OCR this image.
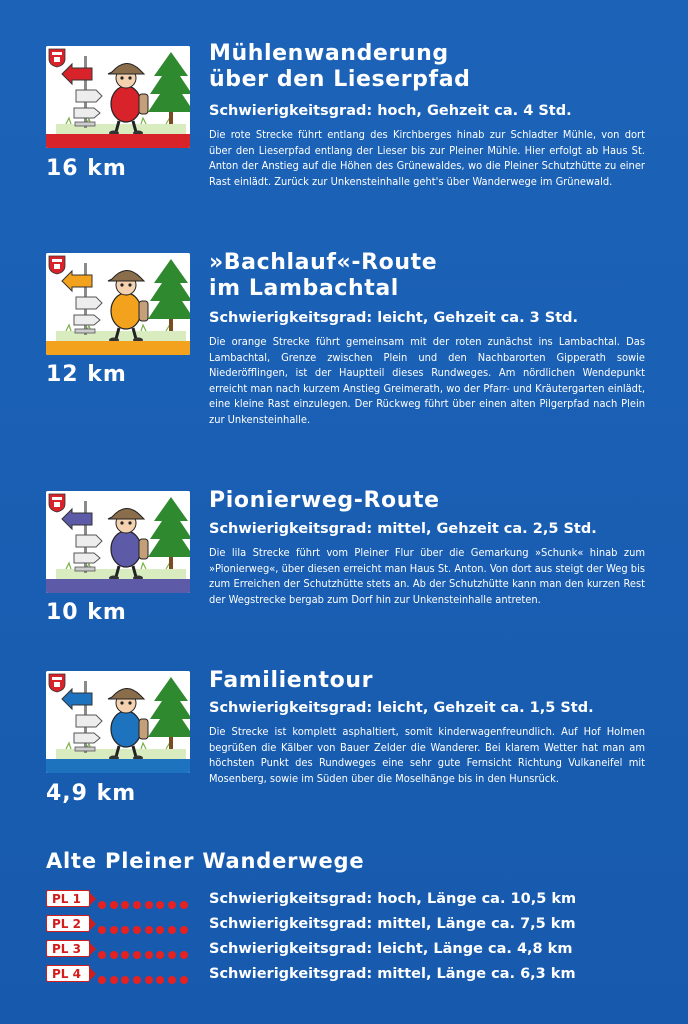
16 km
Mühlenwanderung
über den Lieserpfad
Schwierigkeitsgrad: hoch, Gehzeit ca. 4 Std.
Die rote Strecke führt entlang des Kirchberges hinab zur Schladter Mühle, von dort über den Lieserpfad entlang der Lieser bis zur Pleiner Mühle. Hier erfolgt ab Haus St. Anton der Anstieg auf die Höhen des Grünewaldes, wo die Pleiner Schutzhütte zu einer Rast einlädt. Zurück zur Unkensteinhalle geht's über Wanderwege im Grünewald.
12 km
»Bachlauf«-Route
im Lambachtal
Schwierigkeitsgrad: leicht, Gehzeit ca. 3 Std.
Die orange Strecke führt gemeinsam mit der roten zunächst ins Lambachtal. Das Lambachtal, Grenze zwischen Plein und den Nachbarorten Gipperath sowie Niederöfflingen, ist der Hauptteil dieses Rundweges. Am nördlichen Wendepunkt erreicht man nach kurzem Anstieg Greimerath, wo der Pfarr- und Kräutergarten einlädt, eine kleine Rast einzulegen. Der Rückweg führt über einen alten Pilgerpfad nach Plein zur Unkensteinhalle.
10 km
Pionierweg-Route
Schwierigkeitsgrad: mittel, Gehzeit ca. 2,5 Std.
Die lila Strecke führt vom Pleiner Flur über die Gemarkung »Schunk« hinab zum »Pionierweg«, über diesen erreicht man Haus St. Anton. Von dort aus steigt der Weg bis zum Erreichen der Schutzhütte stets an. Ab der Schutzhütte kann man den kurzen Rest der Wegstrecke bergab zum Dorf hin zur Unkensteinhalle antreten.
4,9 km
Familientour
Schwierigkeitsgrad: leicht, Gehzeit ca. 1,5 Std.
Die Strecke ist komplett asphaltiert, somit kinderwagenfreundlich. Auf Hof Holmen begrüßen die Kälber von Bauer Zelder die Wanderer. Bei klarem Wetter hat man am höchsten Punkt des Rundweges eine sehr gute Fernsicht Richtung Vulkaneifel mit Mosenberg, sowie im Süden über die Moselhänge bis in den Hunsrück.
Alte Pleiner Wanderwege
PL 1	Schwierigkeitsgrad: hoch, Länge ca. 10,5 km
PL 2	Schwierigkeitsgrad: mittel, Länge ca. 7,5 km
PL 3	Schwierigkeitsgrad: leicht, Länge ca. 4,8 km
PL 4	Schwierigkeitsgrad: mittel, Länge ca. 6,3 km
